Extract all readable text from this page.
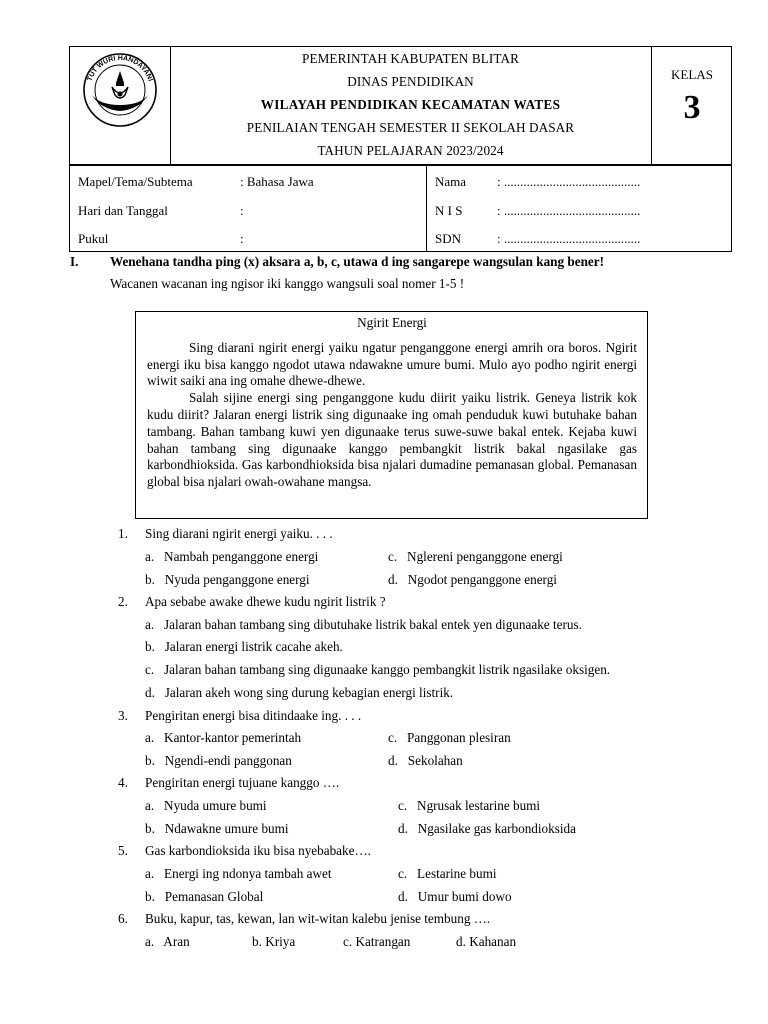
TUT WURI HANDAYANI
PEMERINTAH KABUPATEN BLITAR
DINAS PENDIDIKAN
WILAYAH PENDIDIKAN KECAMATAN WATES
PENILAIAN TENGAH SEMESTER II SEKOLAH DASAR
TAHUN PELAJARAN 2023/2024
KELAS
3
Mapel/Tema/Subtema	: Bahasa Jawa
Hari dan Tanggal	:
Pukul	:
Nama : ..........................................
N I S	: ..........................................
SDN	: ..........................................
I. Wenehana tandha ping (x) aksara a, b, c, utawa d ing sangarepe wangsulan kang bener!
Wacanen wacanan ing ngisor iki kanggo wangsuli soal nomer 1-5 !
Ngirit Energi

Sing diarani ngirit energi yaiku ngatur penganggone energi amrih ora boros. Ngirit energi iku bisa kanggo ngodot utawa ndawakne umure bumi. Mulo ayo podho ngirit energi wiwit saiki ana ing omahe dhewe-dhewe.

Salah sijine energi sing penganggone kudu diirit yaiku listrik. Geneya listrik kok kudu diirit? Jalaran energi listrik sing digunaake ing omah penduduk kuwi butuhake bahan tambang. Bahan tambang kuwi yen digunaake terus suwe-suwe bakal entek. Kejaba kuwi bahan tambang sing digunaake kanggo pembangkit listrik bakal ngasilake gas karbondhioksida. Gas karbondhioksida bisa njalari dumadine pemanasan global. Pemanasan global bisa njalari owah-owahane mangsa.

1. Sing diarani ngirit energi yaiku. . . .
a.   Nambah penganggone energi	c.   Nglereni penganggone energi
b.   Nyuda penganggone energi	d.   Ngodot penganggone energi
2. Apa sebabe awake dhewe kudu ngirit listrik ?
a.   Jalaran bahan tambang sing dibutuhake listrik bakal entek yen digunaake terus.
b.   Jalaran energi listrik cacahe akeh.
c.   Jalaran bahan tambang sing digunaake kanggo pembangkit listrik ngasilake oksigen.
d.   Jalaran akeh wong sing durung kebagian energi listrik.
3. Pengiritan energi bisa ditindaake ing. . . .
a.   Kantor-kantor pemerintah	c.   Panggonan plesiran
b.   Ngendi-endi panggonan	d.   Sekolahan
4. Pengiritan energi tujuane kanggo ….
a.   Nyuda umure bumi	c.   Ngrusak lestarine bumi
b.   Ndawakne umure bumi	d.   Ngasilake gas karbondioksida
5. Gas karbondioksida iku bisa nyebabake….
a.   Energi ing ndonya tambah awet	c.   Lestarine bumi
b.   Pemanasan Global	d.   Umur bumi dowo
6. Buku, kapur, tas, kewan, lan wit-witan kalebu jenise tembung ….
a.   Aran	b. Kriya	c. Katrangan	d. Kahanan
